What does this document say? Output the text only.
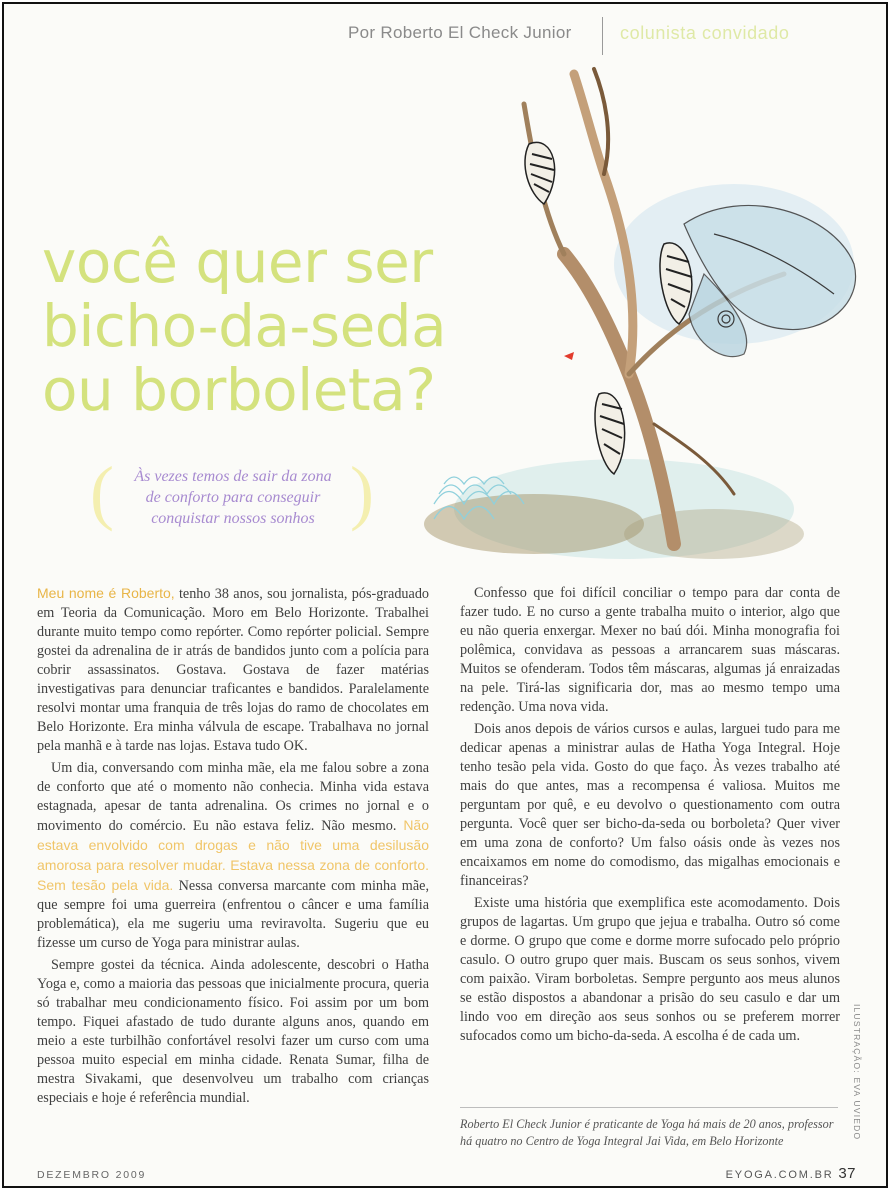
Por Roberto El Check Junior	colunista convidado
você quer ser
bicho-da-seda
ou borboleta?
(	Às vezes temos de sair da zona
de conforto para conseguir
conquistar nossos sonhos )

Meu nome é Roberto, tenho 38 anos, sou jornalista, pós-graduado em Teoria da Comunicação. Moro em Belo Horizonte. Trabalhei durante muito tempo como repórter. Como repórter policial. Sempre gostei da adrenalina de ir atrás de bandidos junto com a polícia para cobrir assassinatos. Gostava. Gostava de fazer matérias investigativas para denunciar traficantes e bandidos. Paralelamente resolvi montar uma franquia de três lojas do ramo de chocolates em Belo Horizonte. Era minha válvula de escape. Trabalhava no jornal pela manhã e à tarde nas lojas. Estava tudo OK.

Um dia, conversando com minha mãe, ela me falou sobre a zona de conforto que até o momento não conhecia. Minha vida estava estagnada, apesar de tanta adrenalina. Os crimes no jornal e o movimento do comércio. Eu não estava feliz. Não mesmo. Não estava envolvido com drogas e não tive uma desilusão amorosa para resolver mudar. Estava nessa zona de conforto. Sem tesão pela vida. Nessa conversa marcante com minha mãe, que sempre foi uma guerreira (enfrentou o câncer e uma família problemática), ela me sugeriu uma reviravolta. Sugeriu que eu fizesse um curso de Yoga para ministrar aulas.

Sempre gostei da técnica. Ainda adolescente, descobri o Hatha Yoga e, como a maioria das pessoas que inicialmente procura, queria só trabalhar meu condicionamento físico. Foi assim por um bom tempo. Fiquei afastado de tudo durante alguns anos, quando em meio a este turbilhão confortável resolvi fazer um curso com uma pessoa muito especial em minha cidade. Renata Sumar, filha de mestra Sivakami, que desenvolveu um trabalho com crianças especiais e hoje é referência mundial.

Confesso que foi difícil conciliar o tempo para dar conta de fazer tudo. E no curso a gente trabalha muito o interior, algo que eu não queria enxergar. Mexer no baú dói. Minha monografia foi polêmica, convidava as pessoas a arrancarem suas máscaras. Muitos se ofenderam. Todos têm máscaras, algumas já enraizadas na pele. Tirá-las significaria dor, mas ao mesmo tempo uma redenção. Uma nova vida.

Dois anos depois de vários cursos e aulas, larguei tudo para me dedicar apenas a ministrar aulas de Hatha Yoga Integral. Hoje tenho tesão pela vida. Gosto do que faço. Às vezes trabalho até mais do que antes, mas a recompensa é valiosa. Muitos me perguntam por quê, e eu devolvo o questionamento com outra pergunta. Você quer ser bicho-da-seda ou borboleta? Quer viver em uma zona de conforto? Um falso oásis onde às vezes nos encaixamos em nome do comodismo, das migalhas emocionais e financeiras?

Existe uma história que exemplifica este acomodamento. Dois grupos de lagartas. Um grupo que jejua e trabalha. Outro só come e dorme. O grupo que come e dorme morre sufocado pelo próprio casulo. O outro grupo quer mais. Buscam os seus sonhos, vivem com paixão. Viram borboletas. Sempre pergunto aos meus alunos se estão dispostos a abandonar a prisão do seu casulo e dar um lindo voo em direção aos seus sonhos ou se preferem morrer sufocados como um bicho-da-seda. A escolha é de cada um.

Roberto El Check Junior é praticante de Yoga há mais de 20 anos, professor há quatro no Centro de Yoga Integral Jai Vida, em Belo Horizonte
ILUSTRAÇÃO: EVA UVIEDO
DEZEMBRO 2009	EYOGA.COM.BR 37
